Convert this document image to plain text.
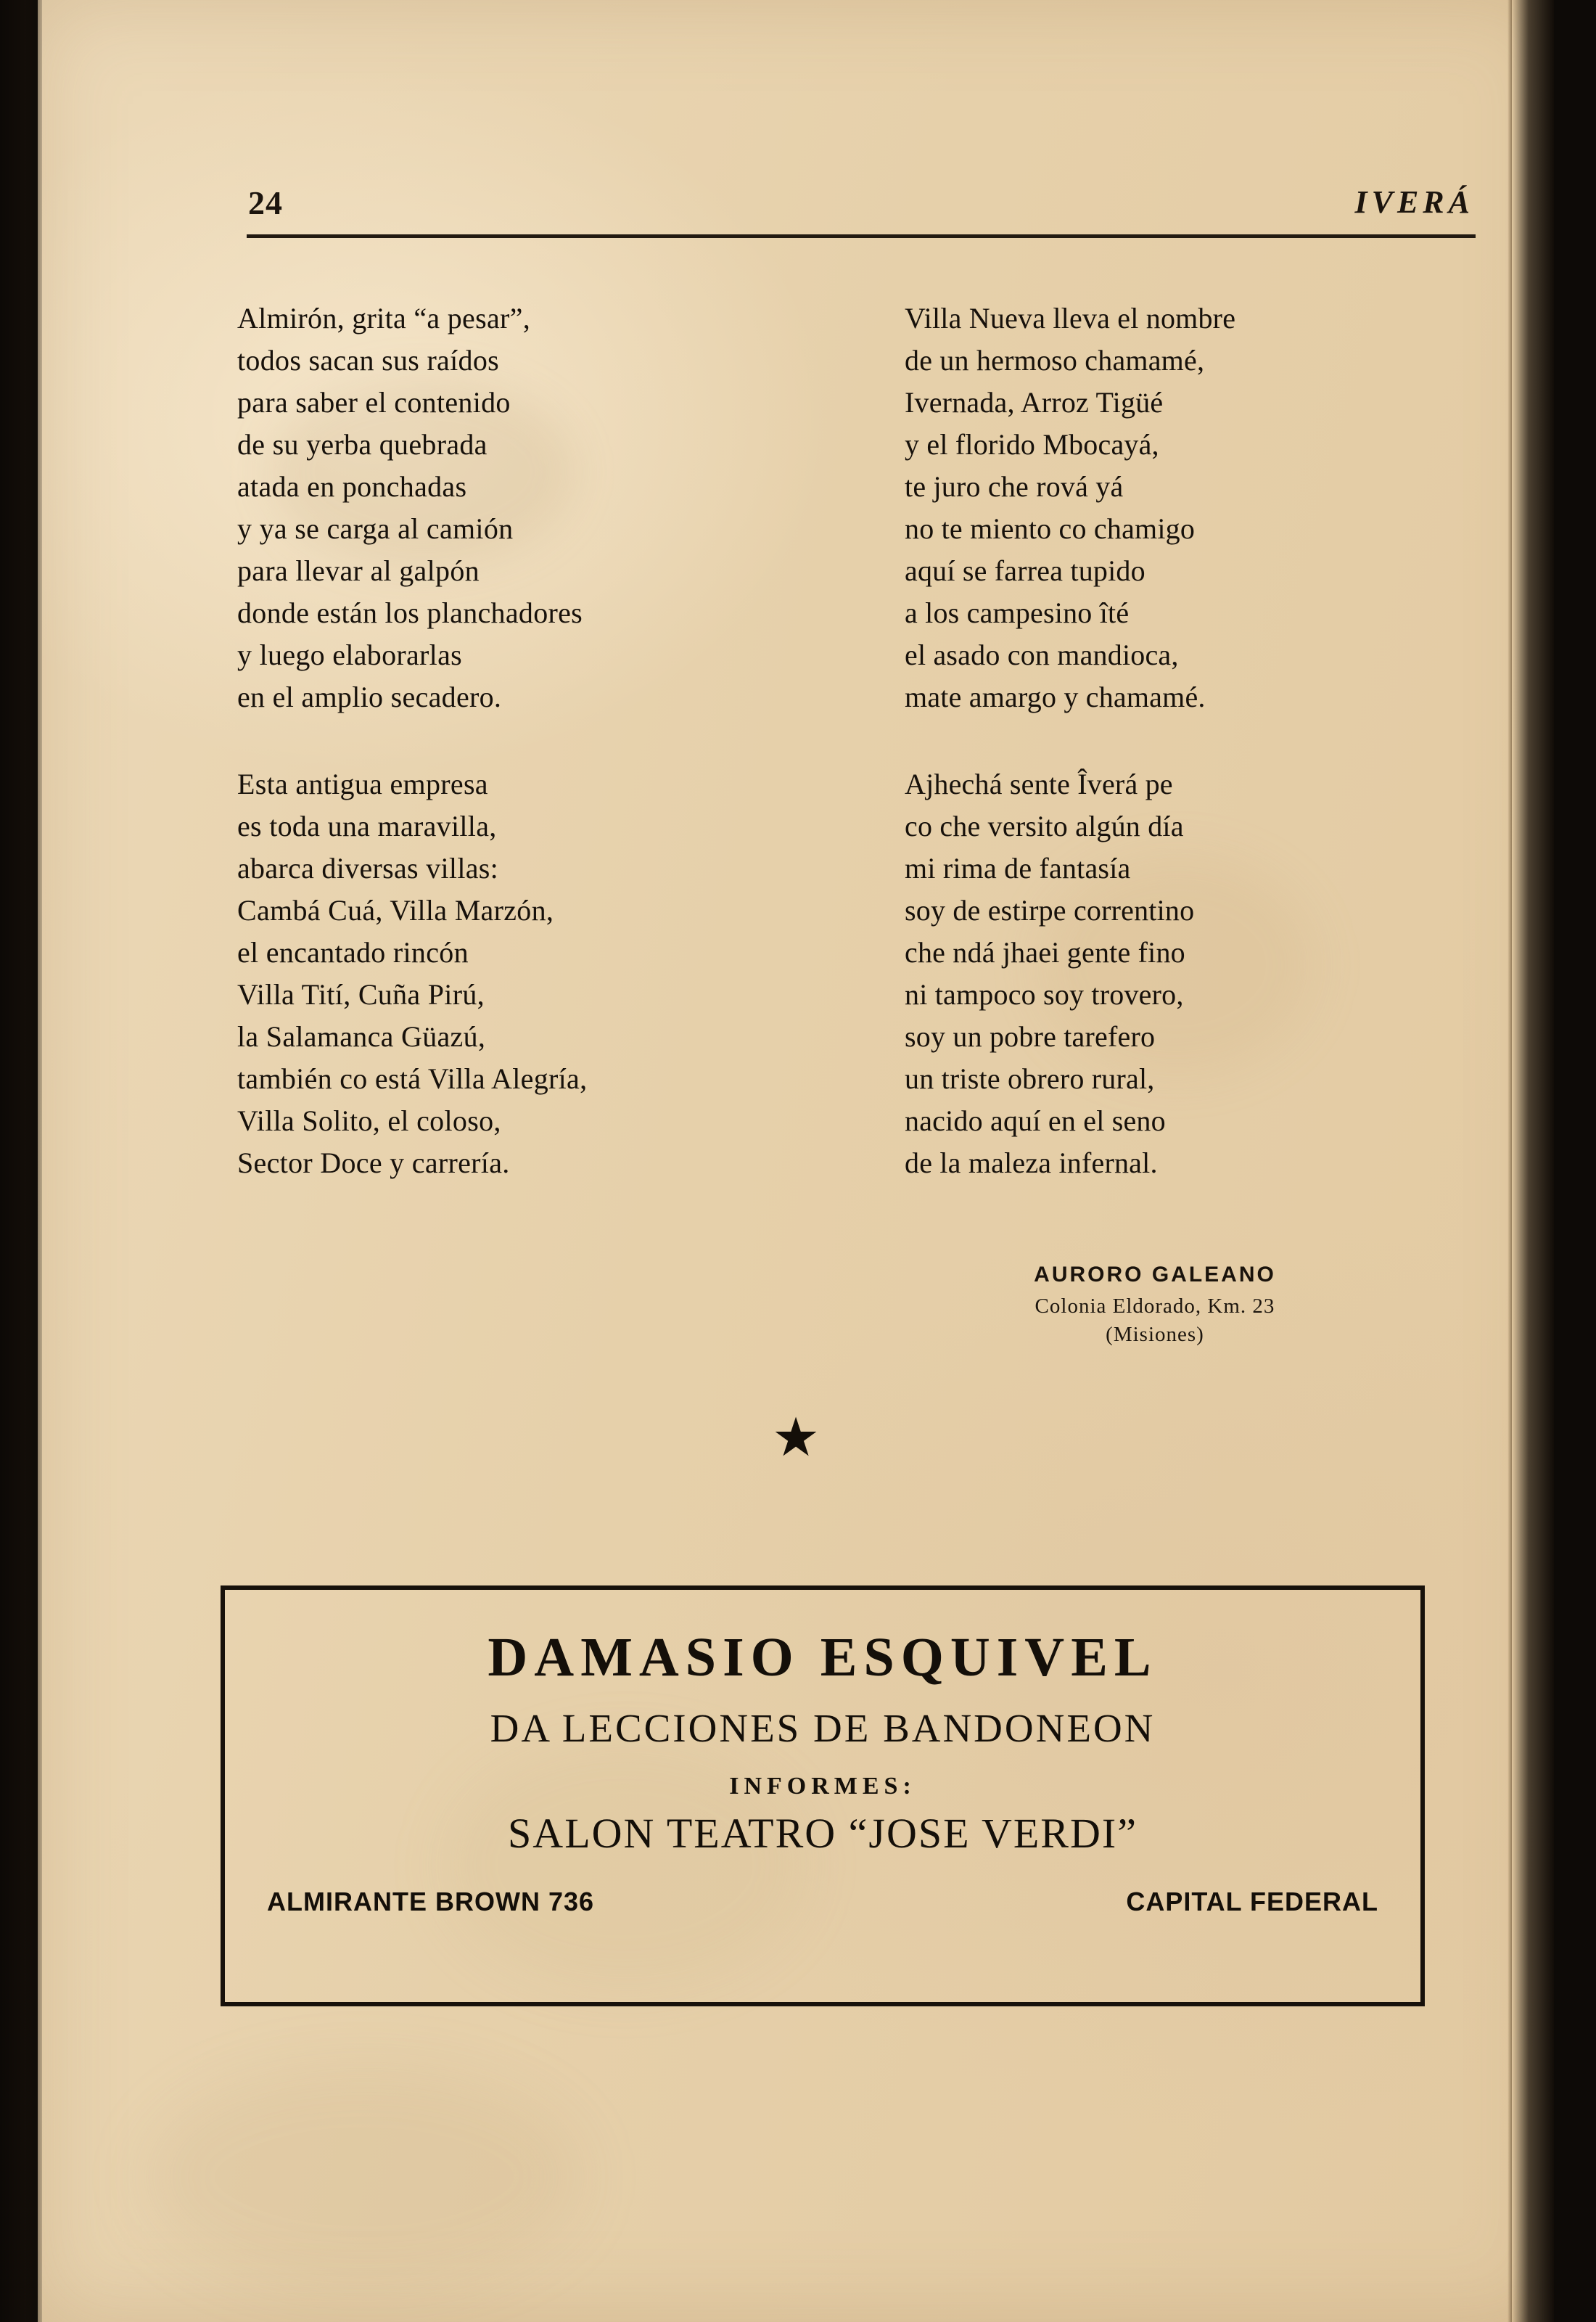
24	IVERÁ
Almirón, grita “a pesar”,
todos sacan sus raídos
para saber el contenido
de su yerba quebrada
atada en ponchadas
y ya se carga al camión
para llevar al galpón
donde están los planchadores
y luego elaborarlas
en el amplio secadero.
Esta antigua empresa
es toda una maravilla,
abarca diversas villas:
Cambá Cuá, Villa Marzón,
el encantado rincón
Villa Tití, Cuña Pirú,
la Salamanca Güazú,
también co está Villa Alegría,
Villa Solito, el coloso,
Sector Doce y carrería.
Villa Nueva lleva el nombre
de un hermoso chamamé,
Ivernada, Arroz Tigüé
y el florido Mbocayá,
te juro che rová yá
no te miento co chamigo
aquí se farrea tupido
a los campesino îté
el asado con mandioca,
mate amargo y chamamé.
Ajhechá sente Îverá pe
co che versito algún día
mi rima de fantasía
soy de estirpe correntino
che ndá jhaei gente fino
ni tampoco soy trovero,
soy un pobre tarefero
un triste obrero rural,
nacido aquí en el seno
de la maleza infernal.
AURORO GALEANO
Colonia Eldorado, Km. 23
(Misiones)
★
DAMASIO ESQUIVEL
DA LECCIONES DE BANDONEON
INFORMES:
SALON TEATRO “JOSE VERDI”
ALMIRANTE BROWN 736	CAPITAL FEDERAL
